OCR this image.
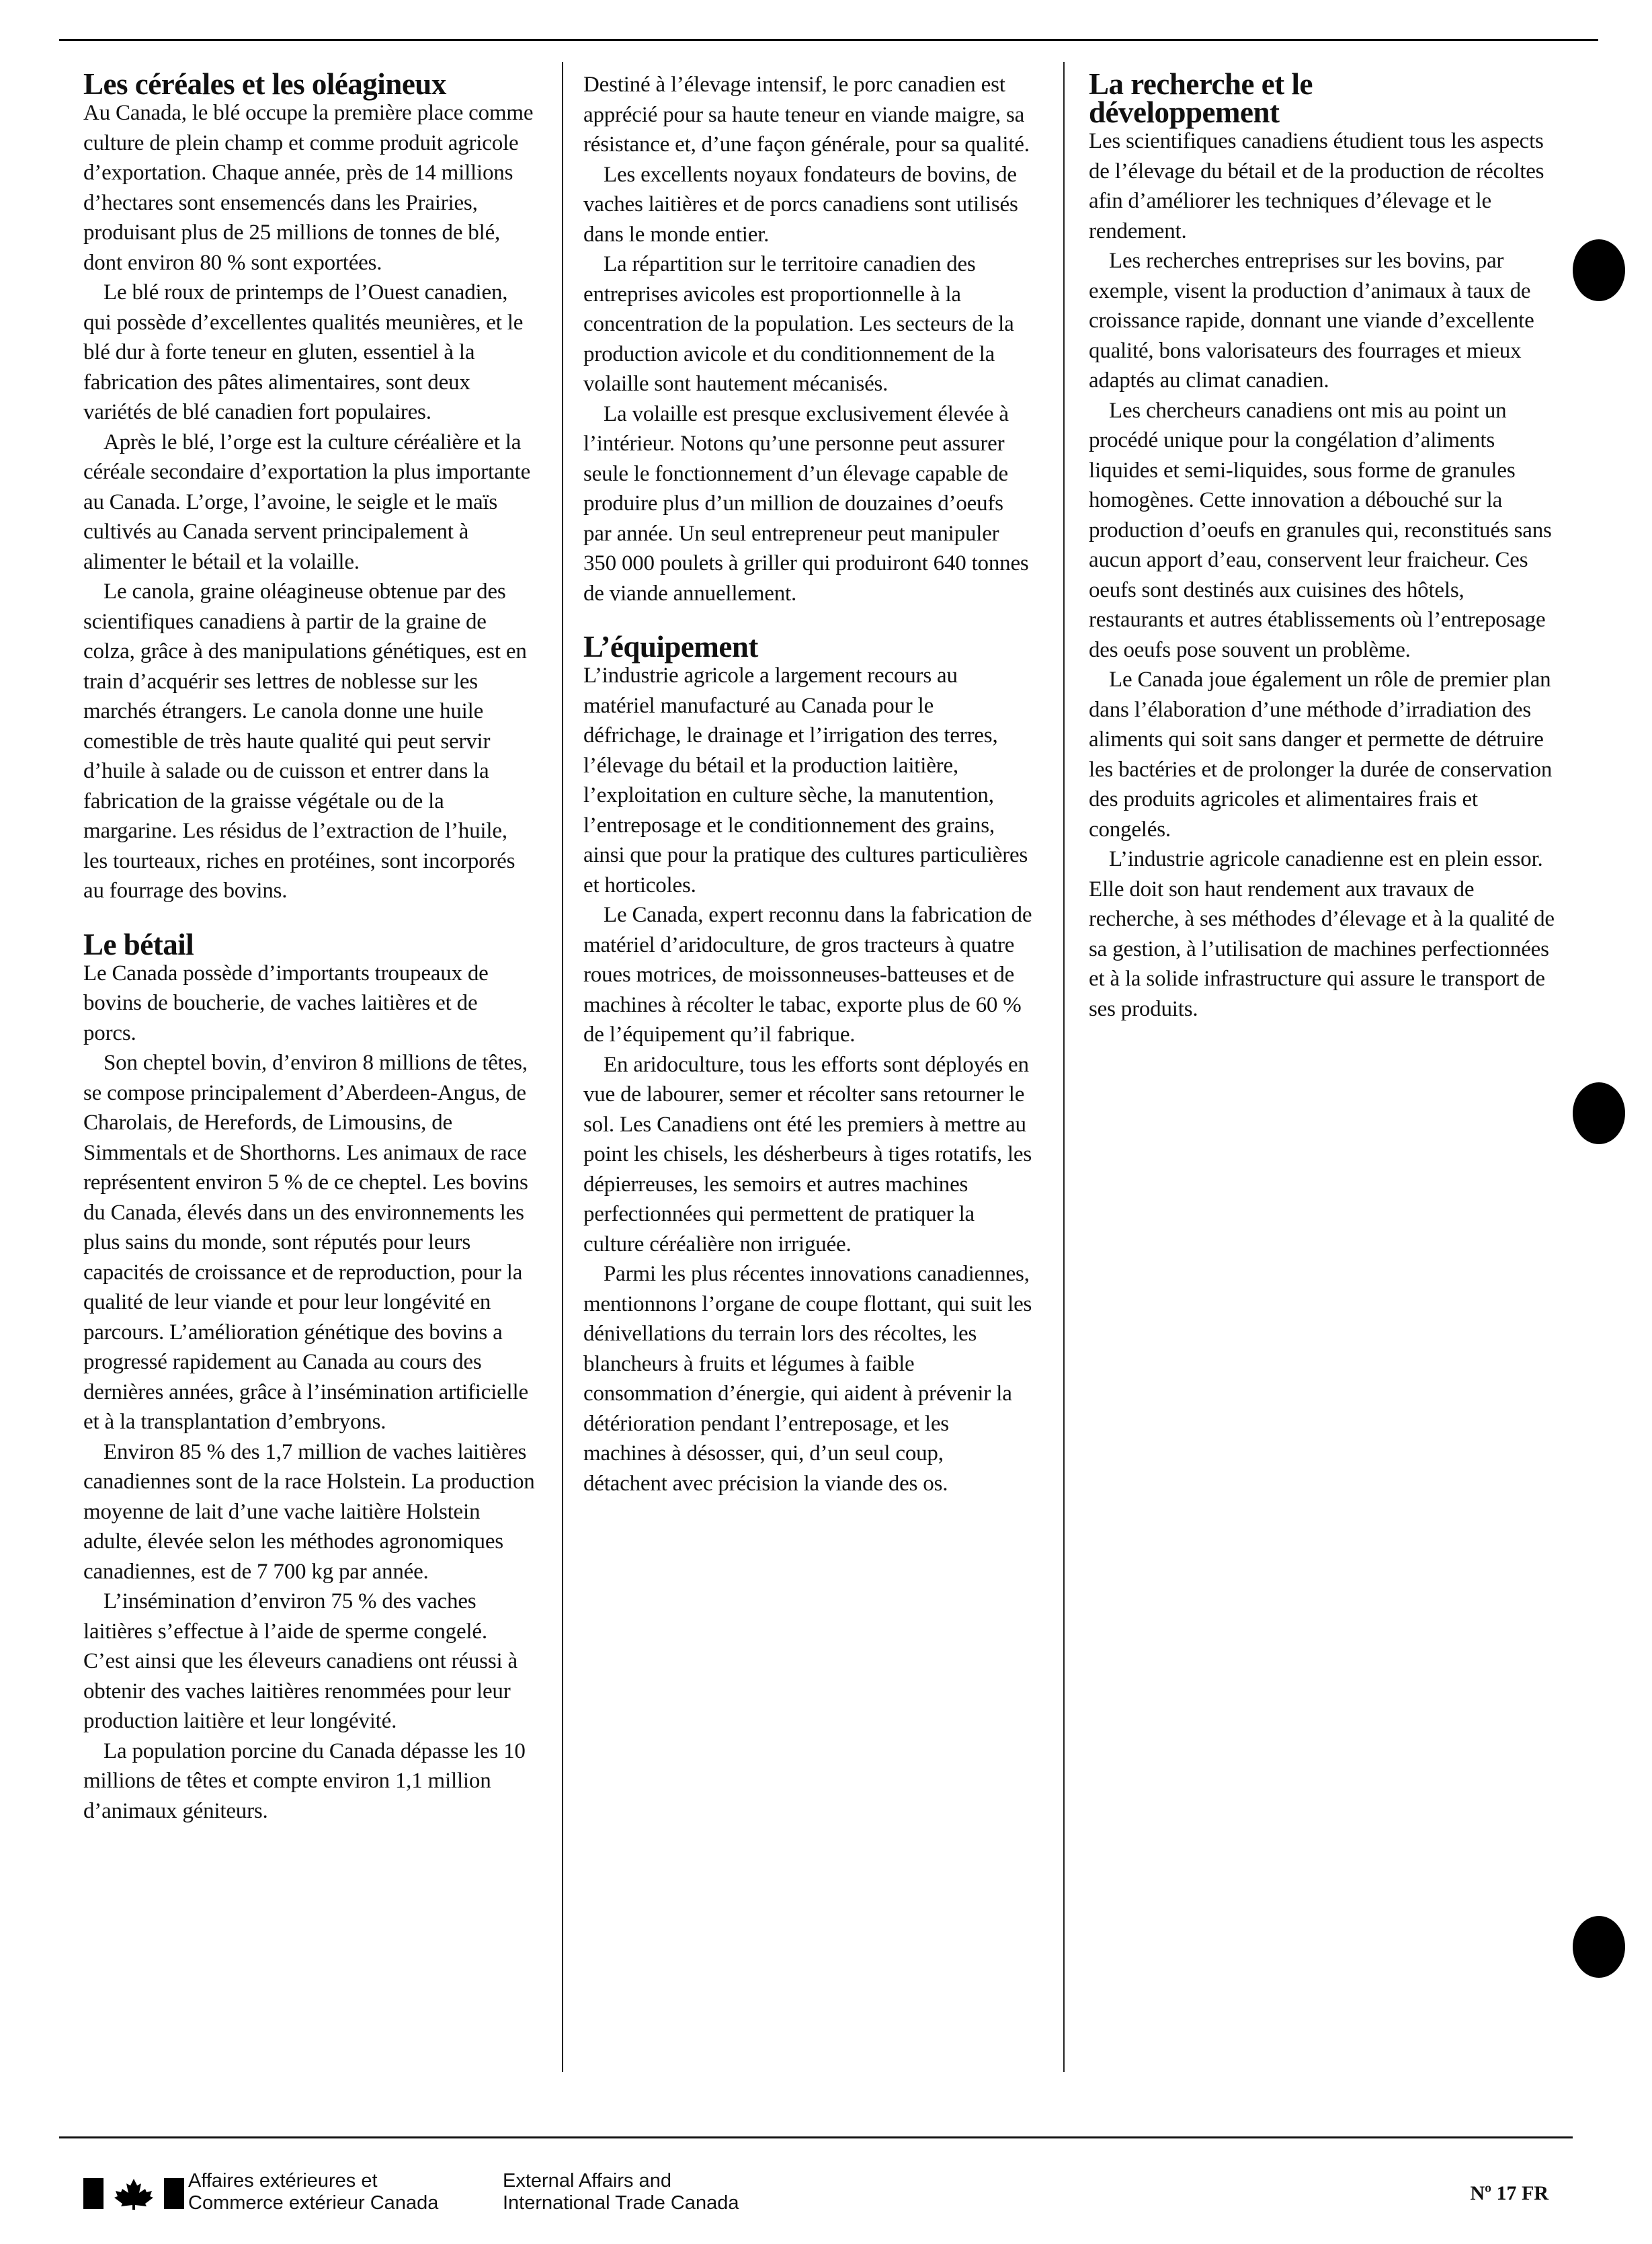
Les céréales et les oléagineux

Au Canada, le blé occupe la première place comme culture de plein champ et comme produit agricole d’exportation. Chaque année, près de 14 millions d’hectares sont ensemencés dans les Prairies, produisant plus de 25 millions de tonnes de blé, dont environ 80 % sont exportées.

Le blé roux de printemps de l’Ouest canadien, qui possède d’excellentes qualités meunières, et le blé dur à forte teneur en gluten, essentiel à la fabrication des pâtes alimentaires, sont deux variétés de blé canadien fort populaires.

Après le blé, l’orge est la culture céréalière et la céréale secondaire d’exportation la plus importante au Canada. L’orge, l’avoine, le seigle et le maïs cultivés au Canada servent principalement à alimenter le bétail et la volaille.

Le canola, graine oléagineuse obtenue par des scientifiques canadiens à partir de la graine de colza, grâce à des manipulations génétiques, est en train d’acquérir ses lettres de noblesse sur les marchés étrangers. Le canola donne une huile comestible de très haute qualité qui peut servir d’huile à salade ou de cuisson et entrer dans la fabrication de la graisse végétale ou de la margarine. Les résidus de l’extraction de l’huile, les tourteaux, riches en protéines, sont incorporés au fourrage des bovins.

Le bétail

Le Canada possède d’importants troupeaux de bovins de boucherie, de vaches laitières et de porcs.

Son cheptel bovin, d’environ 8 millions de têtes, se compose principalement d’Aberdeen-Angus, de Charolais, de Herefords, de Limousins, de Simmentals et de Shorthorns. Les animaux de race représentent environ 5 % de ce cheptel. Les bovins du Canada, élevés dans un des environnements les plus sains du monde, sont réputés pour leurs capacités de croissance et de reproduction, pour la qualité de leur viande et pour leur longévité en parcours. L’amélioration génétique des bovins a progressé rapidement au Canada au cours des dernières années, grâce à l’insémination artificielle et à la transplantation d’embryons.

Environ 85 % des 1,7 million de vaches laitières canadiennes sont de la race Holstein. La production moyenne de lait d’une vache laitière Holstein adulte, élevée selon les méthodes agronomiques canadiennes, est de 7 700 kg par année.

L’insémination d’environ 75 % des vaches laitières s’effectue à l’aide de sperme congelé. C’est ainsi que les éleveurs canadiens ont réussi à obtenir des vaches laitières renommées pour leur production laitière et leur longévité.

La population porcine du Canada dépasse les 10 millions de têtes et compte environ 1,1 million d’animaux géniteurs.

Destiné à l’élevage intensif, le porc canadien est apprécié pour sa haute teneur en viande maigre, sa résistance et, d’une façon générale, pour sa qualité.

Les excellents noyaux fondateurs de bovins, de vaches laitières et de porcs canadiens sont utilisés dans le monde entier.

La répartition sur le territoire canadien des entreprises avicoles est proportionnelle à la concentration de la population. Les secteurs de la production avicole et du conditionnement de la volaille sont hautement mécanisés.

La volaille est presque exclusivement élevée à l’intérieur. Notons qu’une personne peut assurer seule le fonctionnement d’un élevage capable de produire plus d’un million de douzaines d’oeufs par année. Un seul entrepreneur peut manipuler 350 000 poulets à griller qui produiront 640 tonnes de viande annuellement.

L’équipement

L’industrie agricole a largement recours au matériel manufacturé au Canada pour le défrichage, le drainage et l’irrigation des terres, l’élevage du bétail et la production laitière, l’exploitation en culture sèche, la manutention, l’entreposage et le conditionnement des grains, ainsi que pour la pratique des cultures particulières et horticoles.

Le Canada, expert reconnu dans la fabrication de matériel d’aridoculture, de gros tracteurs à quatre roues motrices, de moissonneuses-batteuses et de machines à récolter le tabac, exporte plus de 60 % de l’équipement qu’il fabrique.

En aridoculture, tous les efforts sont déployés en vue de labourer, semer et récolter sans retourner le sol. Les Canadiens ont été les premiers à mettre au point les chisels, les désherbeurs à tiges rotatifs, les dépierreuses, les semoirs et autres machines perfectionnées qui permettent de pratiquer la culture céréalière non irriguée.

Parmi les plus récentes innovations canadiennes, mentionnons l’organe de coupe flottant, qui suit les dénivellations du terrain lors des récoltes, les blancheurs à fruits et légumes à faible consommation d’énergie, qui aident à prévenir la détérioration pendant l’entreposage, et les machines à désosser, qui, d’un seul coup, détachent avec précision la viande des os.

La recherche et le développement

Les scientifiques canadiens étudient tous les aspects de l’élevage du bétail et de la production de récoltes afin d’améliorer les techniques d’élevage et le rendement.

Les recherches entreprises sur les bovins, par exemple, visent la production d’animaux à taux de croissance rapide, donnant une viande d’excellente qualité, bons valorisateurs des fourrages et mieux adaptés au climat canadien.

Les chercheurs canadiens ont mis au point un procédé unique pour la congélation d’aliments liquides et semi-liquides, sous forme de granules homogènes. Cette innovation a débouché sur la production d’oeufs en granules qui, reconstitués sans aucun apport d’eau, conservent leur fraicheur. Ces oeufs sont destinés aux cuisines des hôtels, restaurants et autres établissements où l’entreposage des oeufs pose souvent un problème.

Le Canada joue également un rôle de premier plan dans l’élaboration d’une méthode d’irradiation des aliments qui soit sans danger et permette de détruire les bactéries et de prolonger la durée de conservation des produits agricoles et alimentaires frais et congelés.

L’industrie agricole canadienne est en plein essor. Elle doit son haut rendement aux travaux de recherche, à ses méthodes d’élevage et à la qualité de sa gestion, à l’utilisation de machines perfectionnées et à la solide infrastructure qui assure le transport de ses produits.

Affaires extérieures et
Commerce extérieur Canada
External Affairs and
International Trade Canada	Nº 17 FR
